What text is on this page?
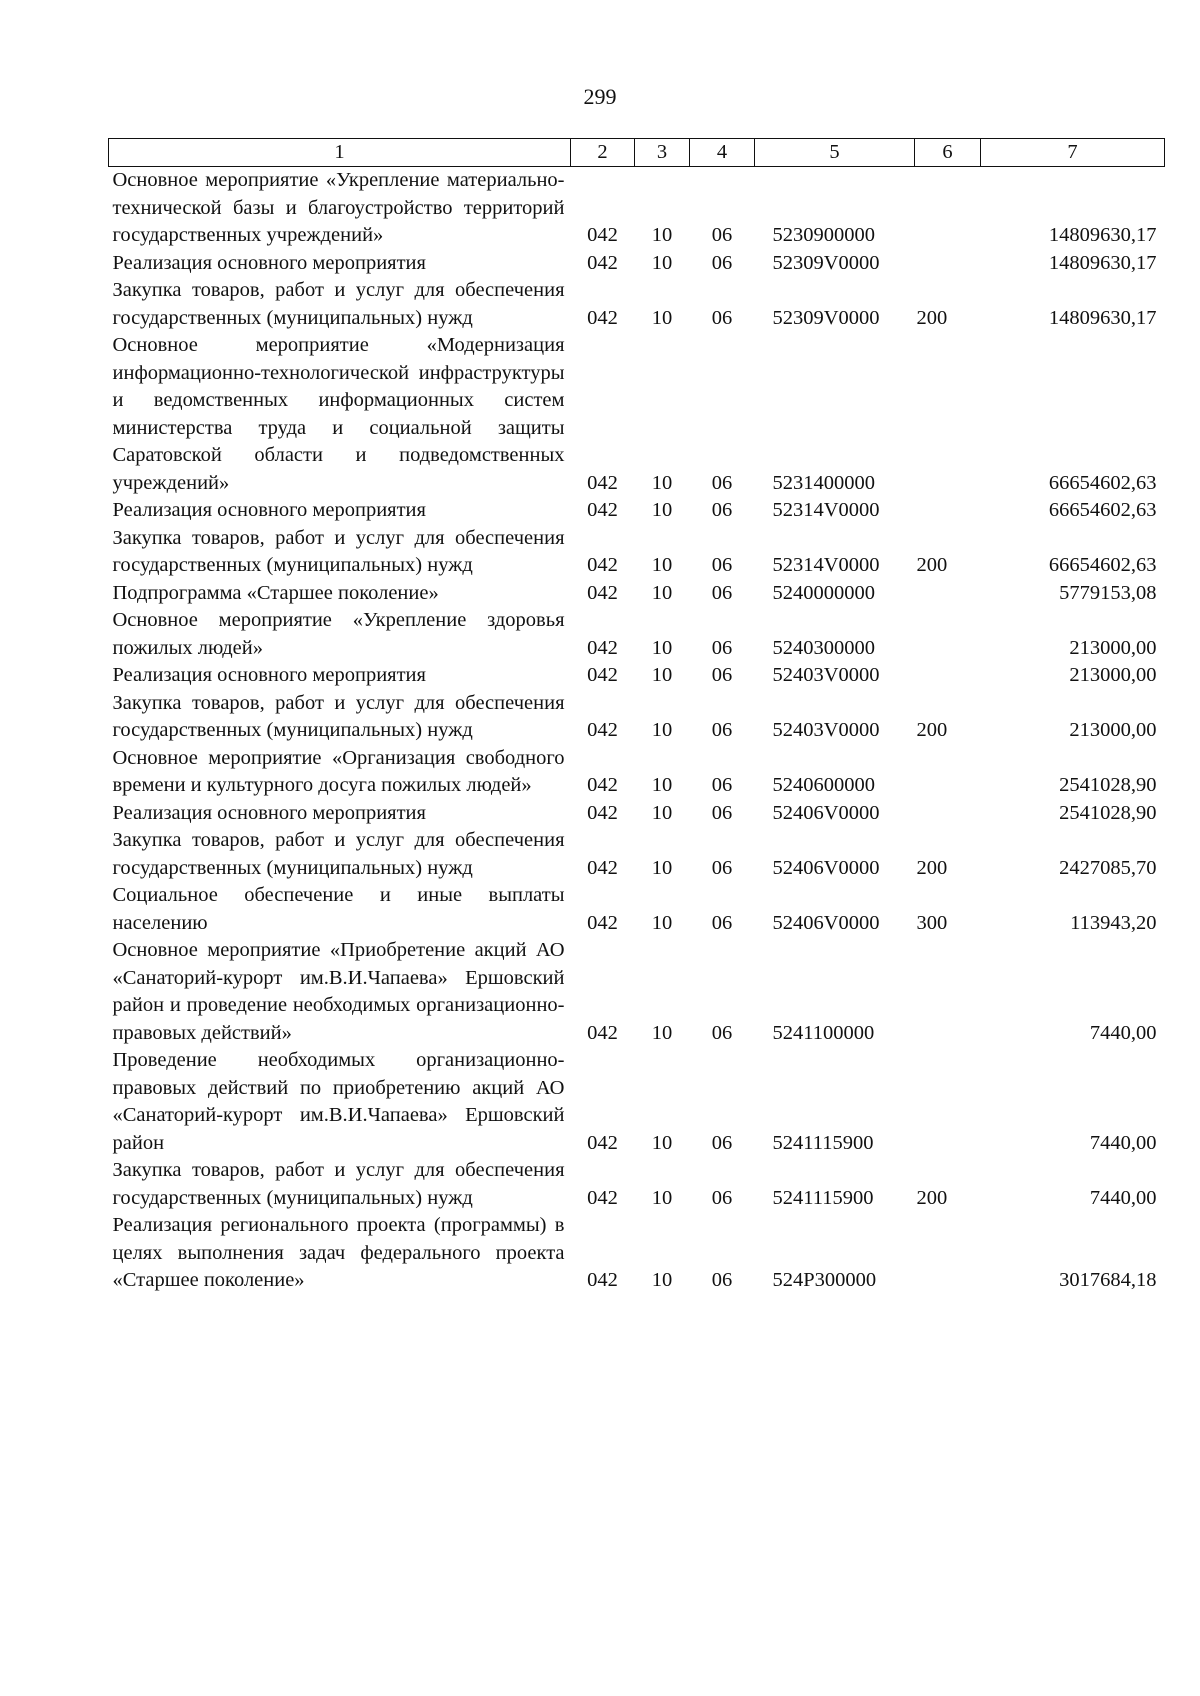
299
1	2	3	4	5	6	7
Основное мероприятие «Укрепление материально-технической базы и благоустройство территорий государственных учреждений»	042	10	06	5230900000		14809630,17
Реализация основного мероприятия	042	10	06	52309V0000		14809630,17
Закупка товаров, работ и услуг для обеспечения государственных (муниципальных) нужд	042	10	06	52309V0000	200	14809630,17
Основное мероприятие «Модернизация информационно-технологической инфраструктуры и ведомственных информационных систем министерства труда и социальной защиты Саратовской области и подведомственных учреждений»	042	10	06	5231400000		66654602,63
Реализация основного мероприятия	042	10	06	52314V0000		66654602,63
Закупка товаров, работ и услуг для обеспечения государственных (муниципальных) нужд	042	10	06	52314V0000	200	66654602,63
Подпрограмма «Старшее поколение»	042	10	06	5240000000		5779153,08
Основное мероприятие «Укрепление здоровья пожилых людей»	042	10	06	5240300000		213000,00
Реализация основного мероприятия	042	10	06	52403V0000		213000,00
Закупка товаров, работ и услуг для обеспечения государственных (муниципальных) нужд	042	10	06	52403V0000	200	213000,00
Основное мероприятие «Организация свободного времени и культурного досуга пожилых людей»	042	10	06	5240600000		2541028,90
Реализация основного мероприятия	042	10	06	52406V0000		2541028,90
Закупка товаров, работ и услуг для обеспечения государственных (муниципальных) нужд	042	10	06	52406V0000	200	2427085,70
Социальное обеспечение и иные выплаты населению	042	10	06	52406V0000	300	113943,20
Основное мероприятие «Приобретение акций АО «Санаторий-курорт им.В.И.Чапаева» Ершовский район и проведение необходимых организационно-правовых действий»	042	10	06	5241100000		7440,00
Проведение необходимых организационно-правовых действий по приобретению акций АО «Санаторий-курорт им.В.И.Чапаева» Ершовский район	042	10	06	5241115900		7440,00
Закупка товаров, работ и услуг для обеспечения государственных (муниципальных) нужд	042	10	06	5241115900	200	7440,00
Реализация регионального проекта (программы) в целях выполнения задач федерального проекта «Старшее поколение»	042	10	06	524P300000		3017684,18
